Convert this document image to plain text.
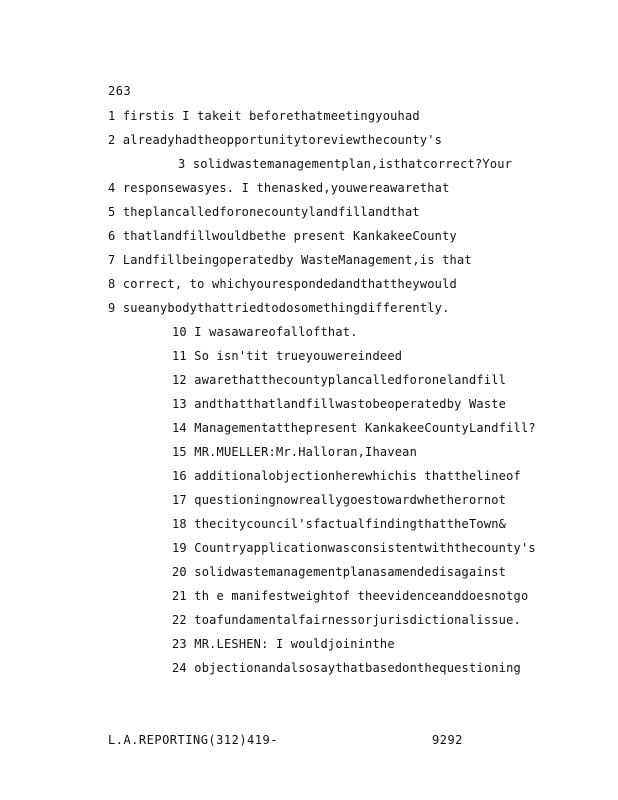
263
1 firstis I takeit beforethatmeetingyouhad
2 alreadyhadtheopportunitytoreviewthecounty's
3 solidwastemanagementplan,isthatcorrect?Your
4 responsewasyes. I thenasked,youwereawarethat
5 theplancalledforonecountylandfillandthat
6 thatlandfillwouldbethe present KankakeeCounty
7 Landfillbeingoperatedby WasteManagement,is that
8 correct, to whichyourespondedandthattheywould
9 sueanybodythattriedtodosomethingdifferently.
10 I wasawareofallofthat.
11 So isn'tit trueyouwereindeed
12 awarethatthecountyplancalledforonelandfill
13 andthatthatlandfillwastobeoperatedby Waste
14 Managementatthepresent KankakeeCountyLandfill?
15 MR.MUELLER:Mr.Halloran,Ihavean
16 additionalobjectionherewhichis thatthelineof
17 questioningnowreallygoestowardwhetherornot
18 thecitycouncil'sfactualfindingthattheTown&
19 Countryapplicationwasconsistentwiththecounty's
20 solidwastemanagementplanasamendedisagainst
21 th e manifestweightof theevidenceanddoesnotgo
22 toafundamentalfairnessorjurisdictionalissue.
23 MR.LESHEN: I wouldjoininthe
24 objectionandalsosaythatbasedonthequestioning
L.A.REPORTING(312)419-	9292
